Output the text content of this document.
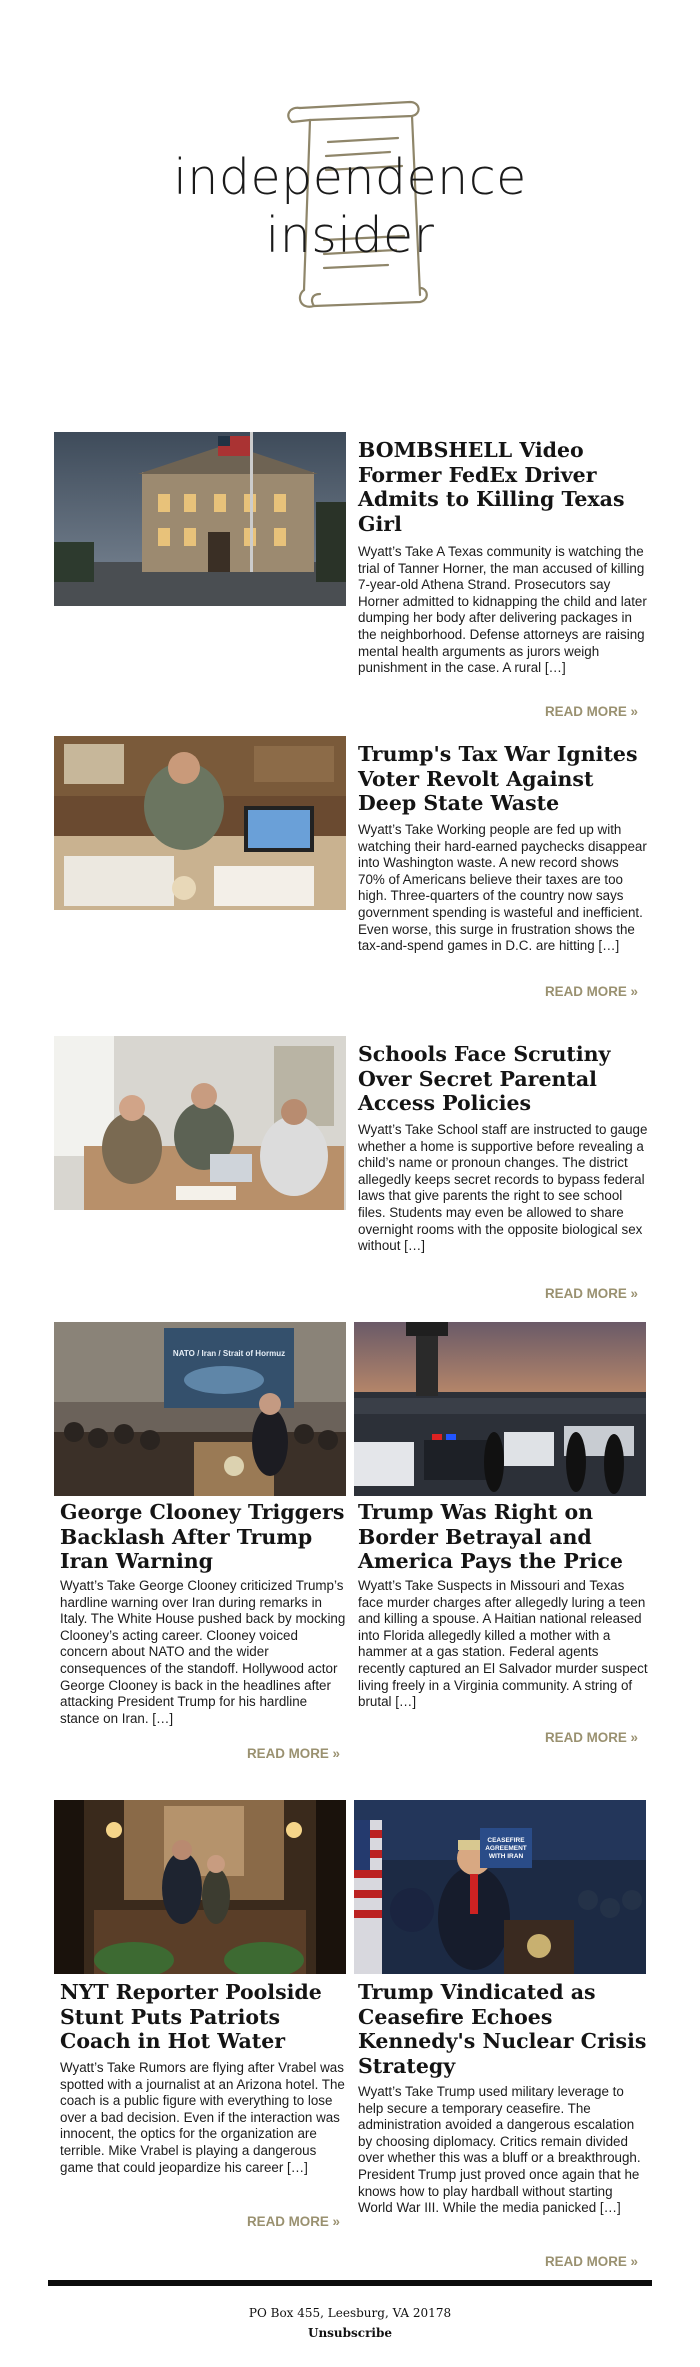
independence
insider
BOMBSHELL Video Former FedEx Driver Admits to Killing Texas Girl
Wyatt’s Take A Texas community is watching the trial of Tanner Horner, the man accused of killing 7-year-old Athena Strand. Prosecutors say Horner admitted to kidnapping the child and later dumping her body after delivering packages in the neighborhood. Defense attorneys are raising mental health arguments as jurors weigh punishment in the case. A rural […]
READ MORE »
Trump's Tax War Ignites Voter Revolt Against Deep State Waste
Wyatt’s Take Working people are fed up with watching their hard-earned paychecks disappear into Washington waste. A new record shows 70% of Americans believe their taxes are too high. Three-quarters of the country now says government spending is wasteful and inefficient. Even worse, this surge in frustration shows the tax-and-spend games in D.C. are hitting […]
READ MORE »
Schools Face Scrutiny Over Secret Parental Access Policies
Wyatt’s Take School staff are instructed to gauge whether a home is supportive before revealing a child’s name or pronoun changes. The district allegedly keeps secret records to bypass federal laws that give parents the right to see school files. Students may even be allowed to share overnight rooms with the opposite biological sex without […]
READ MORE »
NATO / Iran / Strait of Hormuz
George Clooney Triggers Backlash After Trump Iran Warning
Wyatt’s Take George Clooney criticized Trump’s hardline warning over Iran during remarks in Italy. The White House pushed back by mocking Clooney’s acting career. Clooney voiced concern about NATO and the wider consequences of the standoff. Hollywood actor George Clooney is back in the headlines after attacking President Trump for his hardline stance on Iran. […]
READ MORE »
Trump Was Right on Border Betrayal and America Pays the Price
Wyatt’s Take Suspects in Missouri and Texas face murder charges after allegedly luring a teen and killing a spouse. A Haitian national released into Florida allegedly killed a mother with a hammer at a gas station. Federal agents recently captured an El Salvador murder suspect living freely in a Virginia community. A string of brutal […]
READ MORE »
NYT Reporter Poolside Stunt Puts Patriots Coach in Hot Water
Wyatt’s Take Rumors are flying after Vrabel was spotted with a journalist at an Arizona hotel. The coach is a public figure with everything to lose over a bad decision. Even if the interaction was innocent, the optics for the organization are terrible. Mike Vrabel is playing a dangerous game that could jeopardize his career […]
READ MORE »
CEASEFIRE AGREEMENT WITH IRAN
Trump Vindicated as Ceasefire Echoes Kennedy's Nuclear Crisis Strategy
Wyatt’s Take Trump used military leverage to help secure a temporary ceasefire. The administration avoided a dangerous escalation by choosing diplomacy. Critics remain divided over whether this was a bluff or a breakthrough. President Trump just proved once again that he knows how to play hardball without starting World War III. While the media panicked […]
READ MORE »
PO Box 455, Leesburg, VA 20178
Unsubscribe
